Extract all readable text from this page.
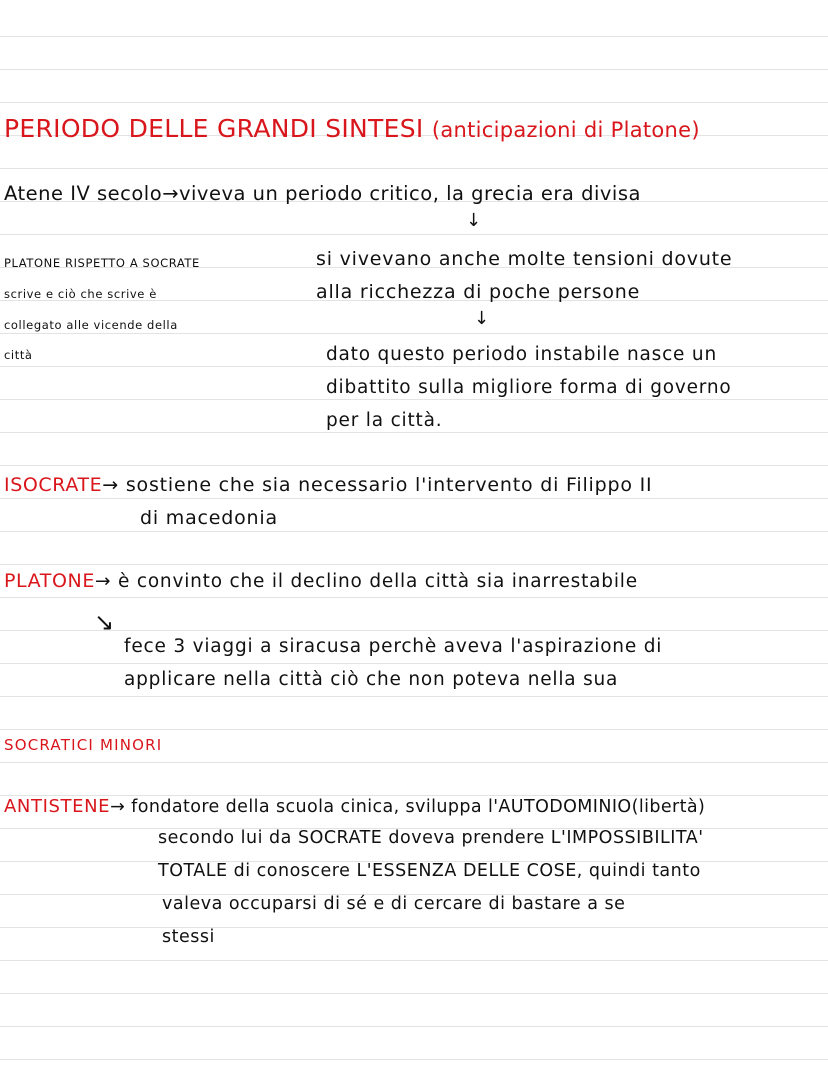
PERIODO DELLE GRANDI SINTESI (anticipazioni di Platone)
Atene IV secolo→viveva un periodo critico, la grecia era divisa
↓
PLATONE RISPETTO A SOCRATE
scrive e ciò che scrive è
collegato alle vicende della
città
si vivevano anche molte tensioni dovute
alla ricchezza di poche persone
↓
dato questo periodo instabile nasce un
dibattito sulla migliore forma di governo
per la città.
ISOCRATE→ sostiene che sia necessario l'intervento di Filippo II
di macedonia
PLATONE→ è convinto che il declino della città sia inarrestabile
↘
fece 3 viaggi a siracusa perchè aveva l'aspirazione di
applicare nella città ciò che non poteva nella sua
SOCRATICI MINORI
ANTISTENE→ fondatore della scuola cinica, sviluppa l'AUTODOMINIO(libertà)
secondo lui da SOCRATE doveva prendere L'IMPOSSIBILITA'
TOTALE di conoscere L'ESSENZA DELLE COSE, quindi tanto
valeva occuparsi di sé e di cercare di bastare a se
stessi
